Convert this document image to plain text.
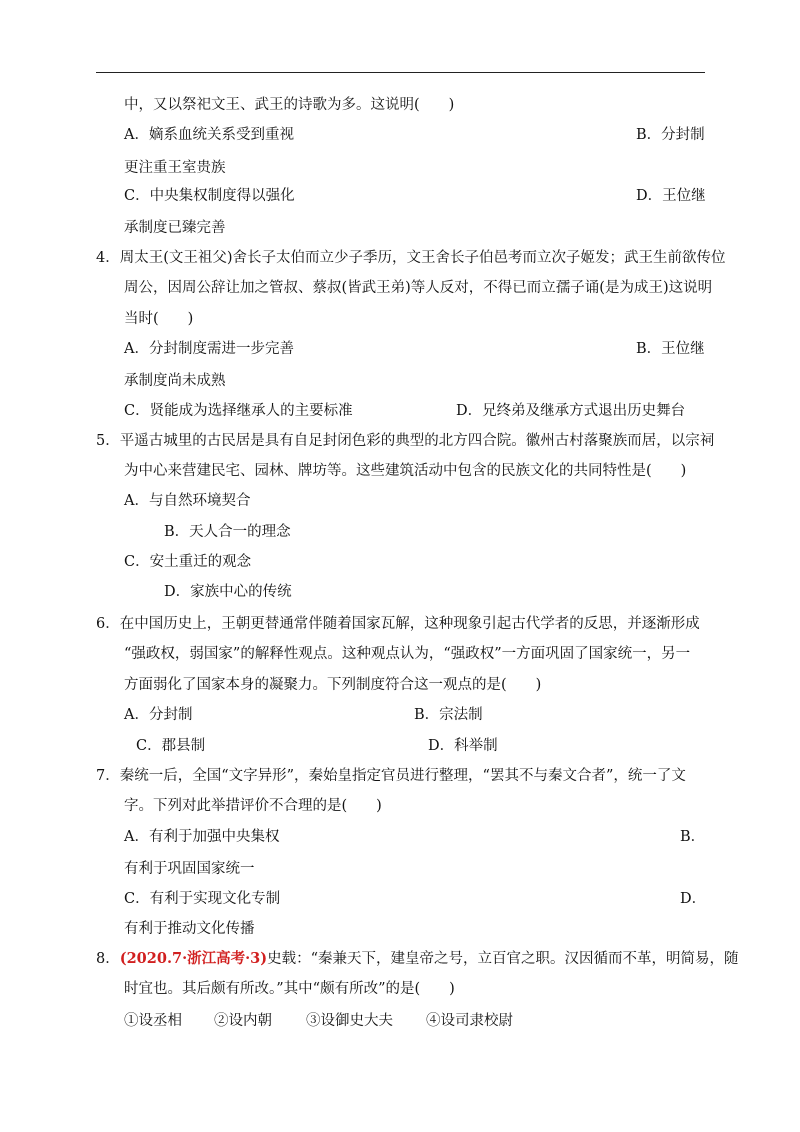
中，又以祭祀文王、武王的诗歌为多。这说明(　　)
A．嫡系血统关系受到重视	B．分封制
更注重王室贵族
C．中央集权制度得以强化	D．王位继
承制度已臻完善
4．周太王(文王祖父)舍长子太伯而立少子季历，文王舍长子伯邑考而立次子姬发；武王生前欲传位
周公，因周公辞让加之管叔、蔡叔(皆武王弟)等人反对，不得已而立孺子诵(是为成王)这说明
当时(　　)
A．分封制度需进一步完善	B．王位继
承制度尚未成熟
C．贤能成为选择继承人的主要标准	D．兄终弟及继承方式退出历史舞台
5．平遥古城里的古民居是具有自足封闭色彩的典型的北方四合院。徽州古村落聚族而居，以宗祠
为中心来营建民宅、园林、牌坊等。这些建筑活动中包含的民族文化的共同特性是(　　)
A．与自然环境契合
B．天人合一的理念
C．安土重迁的观念
D．家族中心的传统
6．在中国历史上，王朝更替通常伴随着国家瓦解，这种现象引起古代学者的反思，并逐渐形成
“强政权，弱国家”的解释性观点。这种观点认为，“强政权”一方面巩固了国家统一，另一
方面弱化了国家本身的凝聚力。下列制度符合这一观点的是(　　)
A．分封制	B．宗法制
C．郡县制	D．科举制
7．秦统一后，全国“文字异形”，秦始皇指定官员进行整理，“罢其不与秦文合者”，统一了文
字。下列对此举措评价不合理的是(　　)
A．有利于加强中央集权	B．
有利于巩固国家统一
C．有利于实现文化专制	D．
有利于推动文化传播
8．(2020.7·浙江高考·3)史载：“秦兼天下，建皇帝之号，立百官之职。汉因循而不革，明简易，随
时宜也。其后颇有所改。”其中“颇有所改”的是(　　)
①设丞相 ②设内朝 ③设御史大夫 ④设司隶校尉
